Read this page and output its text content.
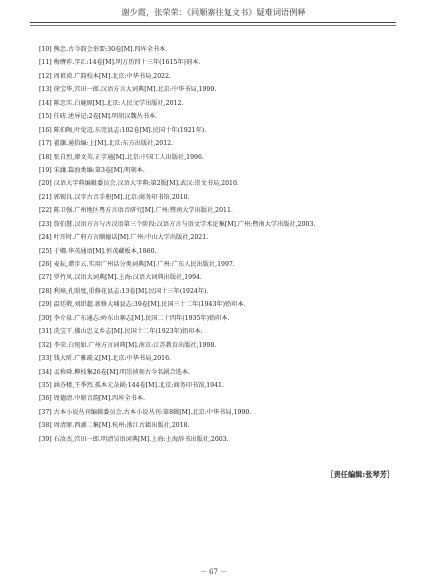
谢少霞，张荣荣：《同顺寨往复文书》疑难词语例释
[10] 熊忠.古今韵会举要:30卷[M].四库全书本.
[11] 梅膺祚.字汇:14卷[M].明万历四十三年(1615年)刻本.
[12] 周祖谟.广韵校本[M].北京:中华书局,2022.
[13] 徐宝华,宫田一郎.汉语方言大词典[M].北京:中华书局,1999.
[14] 陈忠实.白鹿原[M].北京:人民文学出版社,2012.
[15] 任昉.述异记:2卷[M].明胡汉魏丛书本.
[16] 陈伯陶,叶觉迈.东莞县志:102卷[M].民国十年(1921年).
[17] 翟灏.通俗编:上[M].北京:东方出版社,2012.
[18] 张自烈,廖文英.正字通[M].北京:中国工人出版社,1996.
[19] 宋濂.篇海类编:第3卷[M].明刻本.
[20] 汉语大字典编辑委员会.汉语大字典:第2版[M].武汉:崇文书局,2010.
[21] 郭锡良.汉字古音手册[M].北京:商务印书馆,2010.
[22] 陈卫强.广州地区粤方言语音研究[M].广州:暨南大学出版社,2011.
[23] 詹伯慧.汉语方言与古汉语第三个阶段:汉语方言与语文学术论集[M].广州:暨南大学出版社,2003.
[24] 叶开时.广府方言顺德话[M].广州:中山大学出版社,2021.
[25] 于卿.华英通语[M].恒茂藏板本,1860.
[26] 麦耘,谭步云.实用广州话分类词典[M].广州:广东人民出版社,1997.
[27] 罗竹风.汉语大词典[M].上海:汉语大词典出版社,1994.
[28] 利璋,孔昭度,重修花县志:13卷[M].民国十三年(1924年).
[29] 温廷敬,刘织超.新修大埔县志:39卷[M].民国三十二年(1943年)铅印本.
[30] 李介泉.广东通志:岭东山寨志[M].民国二十四年(1935年)铅印本.
[31] 冼宝干.佛山忠义乡志[M].民国十二年(1923年)铅印本.
[32] 李荣.白宛如.广州方言词典[M].南京:江苏教育出版社,1998.
[33] 钱大昕.广雅疏义[M].北京:中华书局,2016.
[34] 孟称舜.柳枝集26卷[M].明崇祯刻古今名剧合选本.
[35] 涵芬楼,王季烈.孤本元杂剧:144卷[M].北京:商务印书馆,1941.
[36] 周德清.中原音韵[M].四库全书本.
[37] 古本小说丛刊编辑委员会.古本小说丛刊:第8辑[M].北京:中华书局,1990.
[38] 周清原.西湖二集[M].杭州:浙江古籍出版社,2018.
[39] 石汝杰,宫田一郎.明清吴语词典[M].上海:上海辞书出版社,2003.
［责任编辑:张琴芳］
－ 67 －
